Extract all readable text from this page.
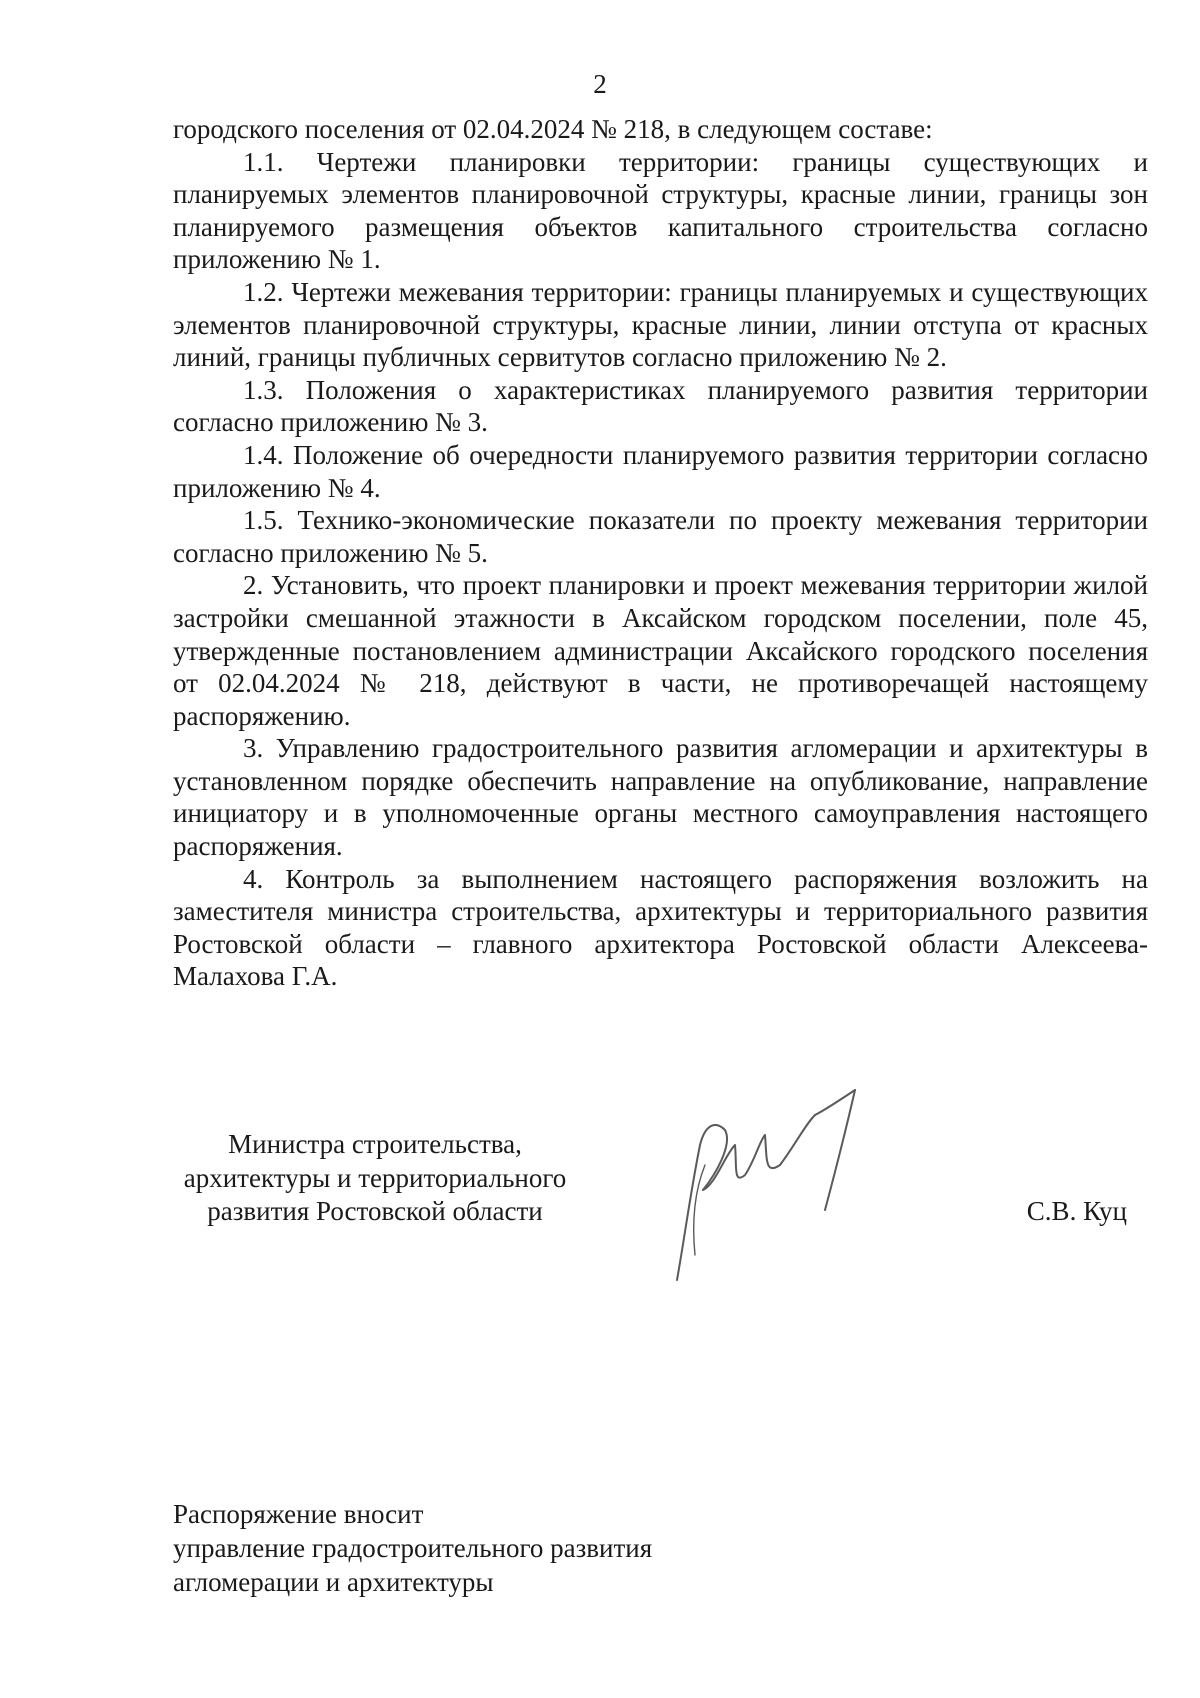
2

городского поселения от 02.04.2024 № 218, в следующем составе:

1.1. Чертежи планировки территории: границы существующих и планируемых элементов планировочной структуры, красные линии, границы зон планируемого размещения объектов капитального строительства согласно приложению № 1.

1.2. Чертежи межевания территории: границы планируемых и существующих элементов планировочной структуры, красные линии, линии отступа от красных линий, границы публичных сервитутов согласно приложению № 2.

1.3. Положения о характеристиках планируемого развития территории согласно приложению № 3.

1.4. Положение об очередности планируемого развития территории согласно приложению № 4.

1.5. Технико-экономические показатели по проекту межевания территории согласно приложению № 5.

2. Установить, что проект планировки и проект межевания территории жилой застройки смешанной этажности в Аксайском городском поселении, поле 45, утвержденные постановлением администрации Аксайского городского поселения от 02.04.2024 № 218, действуют в части, не противоречащей настоящему распоряжению.

3. Управлению градостроительного развития агломерации и архитектуры в установленном порядке обеспечить направление на опубликование, направление инициатору и в уполномоченные органы местного самоуправления настоящего распоряжения.

4. Контроль за выполнением настоящего распоряжения возложить на заместителя министра строительства, архитектуры и территориального развития Ростовской области – главного архитектора Ростовской области Алексеева-Малахова Г.А.

Министра строительства,
архитектуры и территориального
развития Ростовской области	С.В. Куц
Распоряжение вносит
управление градостроительного развития
агломерации и архитектуры
